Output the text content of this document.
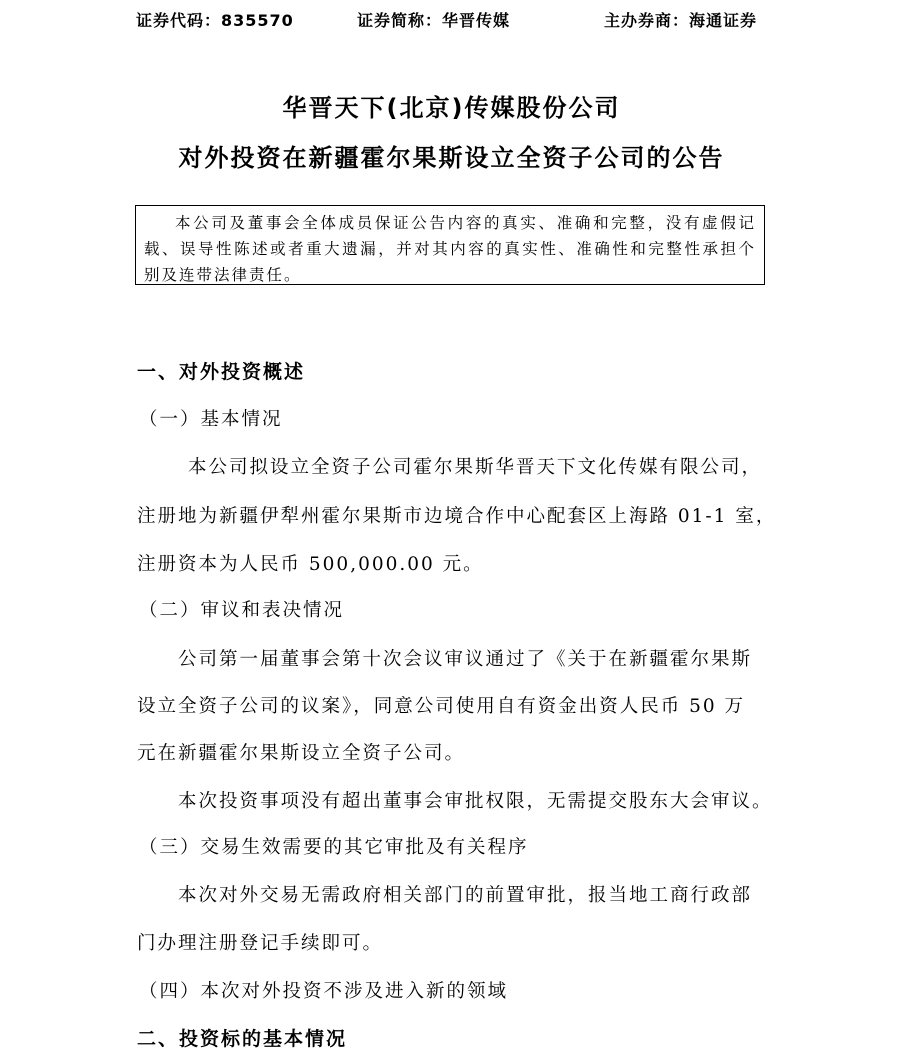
证券代码：835570	证券简称：华晋传媒	主办券商：海通证券
华晋天下(北京)传媒股份公司
对外投资在新疆霍尔果斯设立全资子公司的公告
本公司及董事会全体成员保证公告内容的真实、准确和完整，没有虚假记载、误导性陈述或者重大遗漏，并对其内容的真实性、准确性和完整性承担个别及连带法律责任。
一、对外投资概述
（一）基本情况
本公司拟设立全资子公司霍尔果斯华晋天下文化传媒有限公司，
注册地为新疆伊犁州霍尔果斯市边境合作中心配套区上海路 01-1 室，
注册资本为人民币 500,000.00 元。
（二）审议和表决情况
公司第一届董事会第十次会议审议通过了《关于在新疆霍尔果斯
设立全资子公司的议案》，同意公司使用自有资金出资人民币 50 万
元在新疆霍尔果斯设立全资子公司。
本次投资事项没有超出董事会审批权限，无需提交股东大会审议。
（三）交易生效需要的其它审批及有关程序
本次对外交易无需政府相关部门的前置审批，报当地工商行政部
门办理注册登记手续即可。
（四）本次对外投资不涉及进入新的领域
二、投资标的基本情况
